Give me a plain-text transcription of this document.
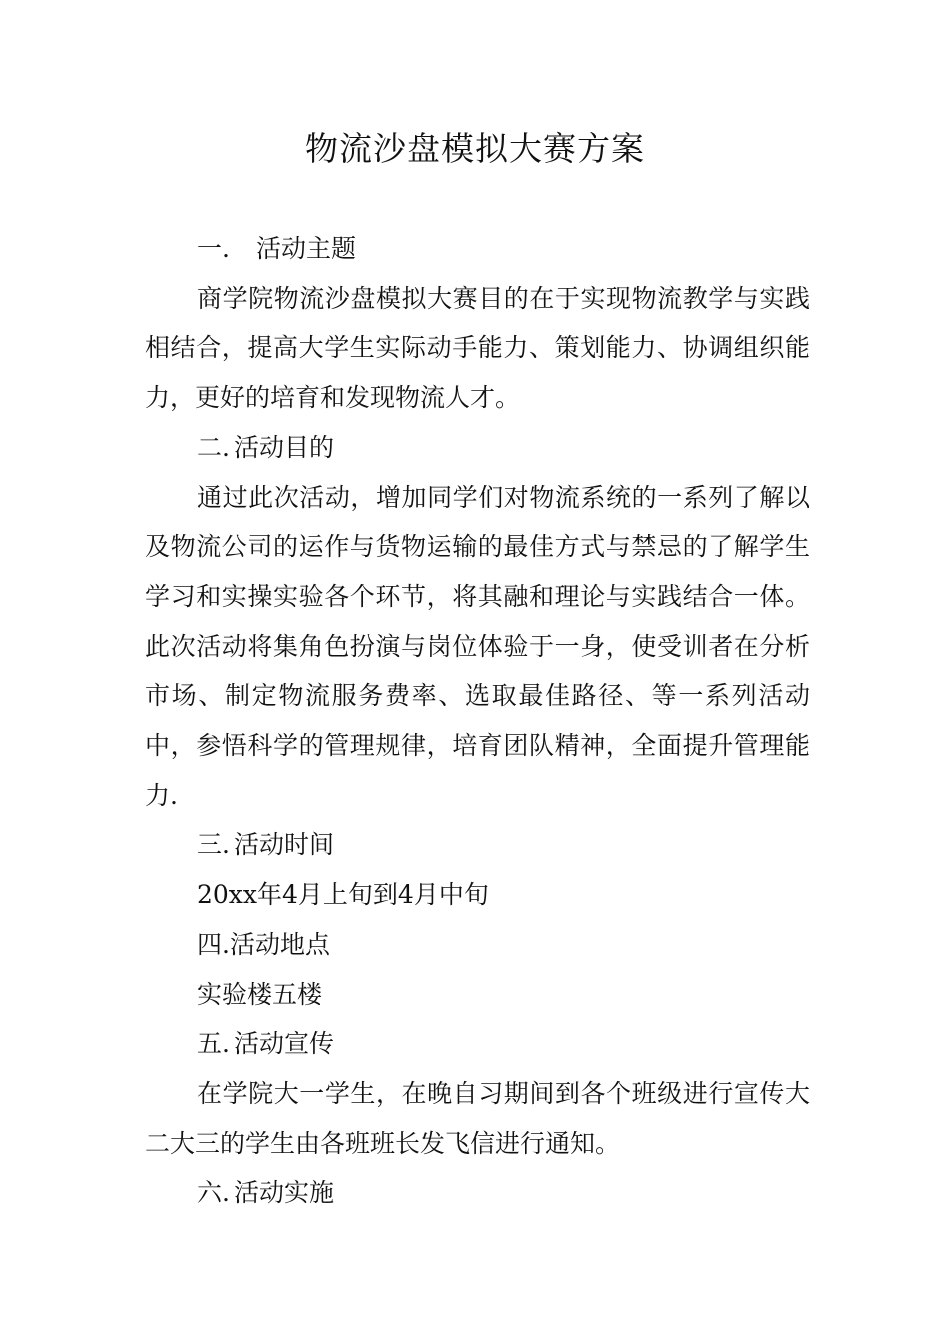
物流沙盘模拟大赛方案

一. 活动主题

商学院物流沙盘模拟大赛目的在于实现物流教学与实践相结合，提高大学生实际动手能力、策划能力、协调组织能力，更好的培育和发现物流人才。

二. 活动目的

通过此次活动，增加同学们对物流系统的一系列了解以及物流公司的运作与货物运输的最佳方式与禁忌的了解学生学习和实操实验各个环节，将其融和理论与实践结合一体。此次活动将集角色扮演与岗位体验于一身，使受训者在分析市场、制定物流服务费率、选取最佳路径、等一系列活动中，参悟科学的管理规律，培育团队精神，全面提升管理能力.

三. 活动时间

20xx年4月上旬到4月中旬

四.活动地点

实验楼五楼

五. 活动宣传

在学院大一学生，在晚自习期间到各个班级进行宣传大二大三的学生由各班班长发飞信进行通知。

六. 活动实施
